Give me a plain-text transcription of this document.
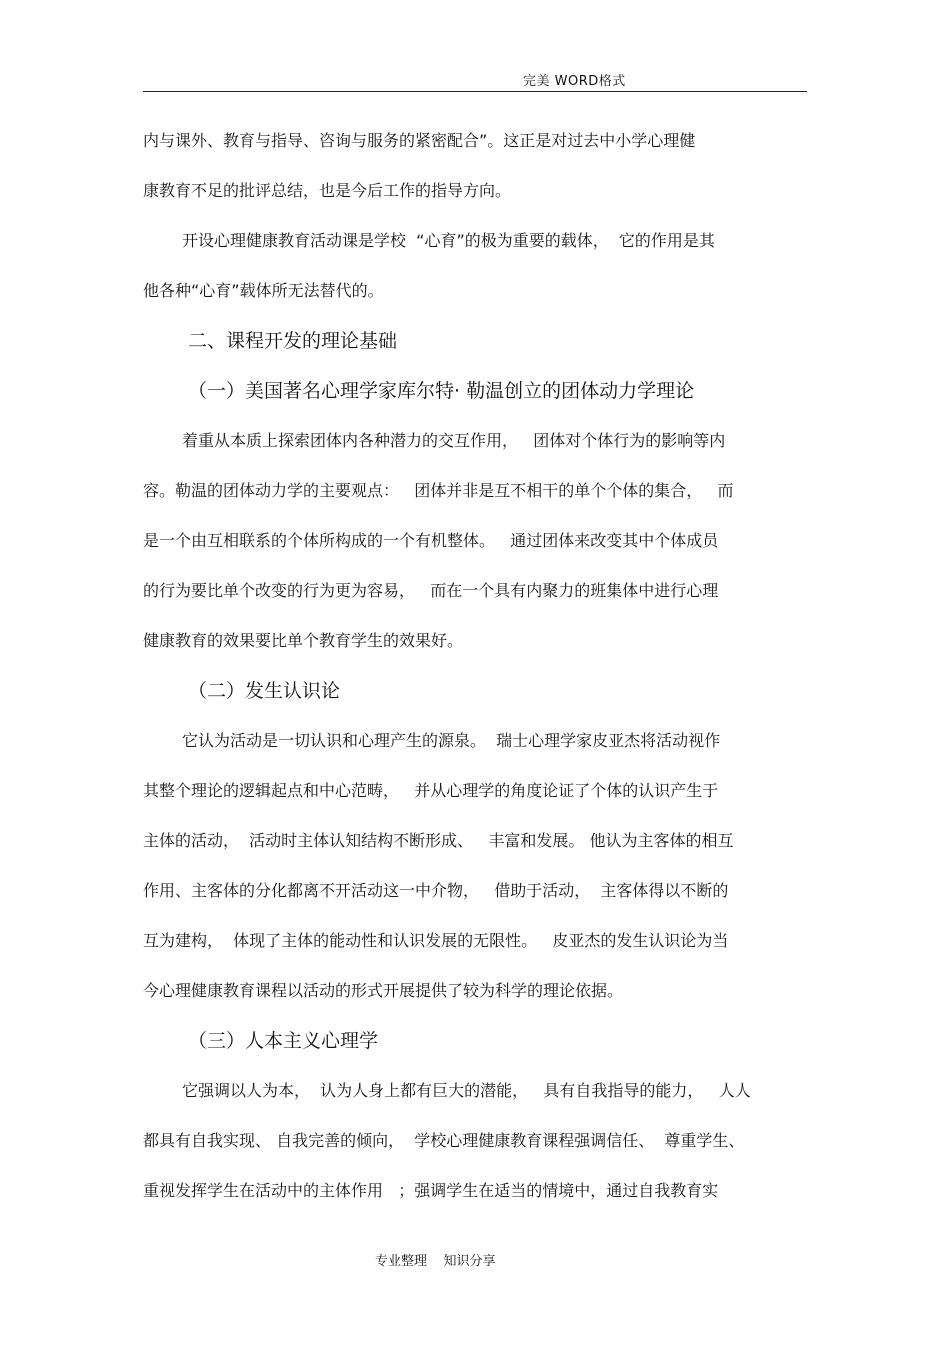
完美 WORD格式
内与课外、教育与指导、咨询与服务的紧密配合”。这正是对过去中小学心理健
康教育不足的批评总结，也是今后工作的指导方向。
开设心理健康教育活动课是学校  “心育”的极为重要的载体，  它的作用是其
他各种“心育”载体所无法替代的。
二、课程开发的理论基础
（一）美国著名心理学家库尔特· 勒温创立的团体动力学理论
着重从本质上探索团体内各种潜力的交互作用，   团体对个体行为的影响等内
容。勒温的团体动力学的主要观点：   团体并非是互不相干的单个个体的集合，   而
是一个由互相联系的个体所构成的一个有机整体。   通过团体来改变其中个体成员
的行为要比单个改变的行为更为容易，   而在一个具有内聚力的班集体中进行心理
健康教育的效果要比单个教育学生的效果好。
（二）发生认识论
它认为活动是一切认识和心理产生的源泉。  瑞士心理学家皮亚杰将活动视作
其整个理论的逻辑起点和中心范畴，   并从心理学的角度论证了个体的认识产生于
主体的活动，  活动时主体认知结构不断形成、   丰富和发展。 他认为主客体的相互
作用、主客体的分化都离不开活动这一中介物，   借助于活动，  主客体得以不断的
互为建构，  体现了主体的能动性和认识发展的无限性。   皮亚杰的发生认识论为当
今心理健康教育课程以活动的形式开展提供了较为科学的理论依据。
（三）人本主义心理学
它强调以人为本，  认为人身上都有巨大的潜能，   具有自我指导的能力，   人人
都具有自我实现、 自我完善的倾向，  学校心理健康教育课程强调信任、  尊重学生、
重视发挥学生在活动中的主体作用   ；强调学生在适当的情境中，通过自我教育实
专业整理    知识分享
